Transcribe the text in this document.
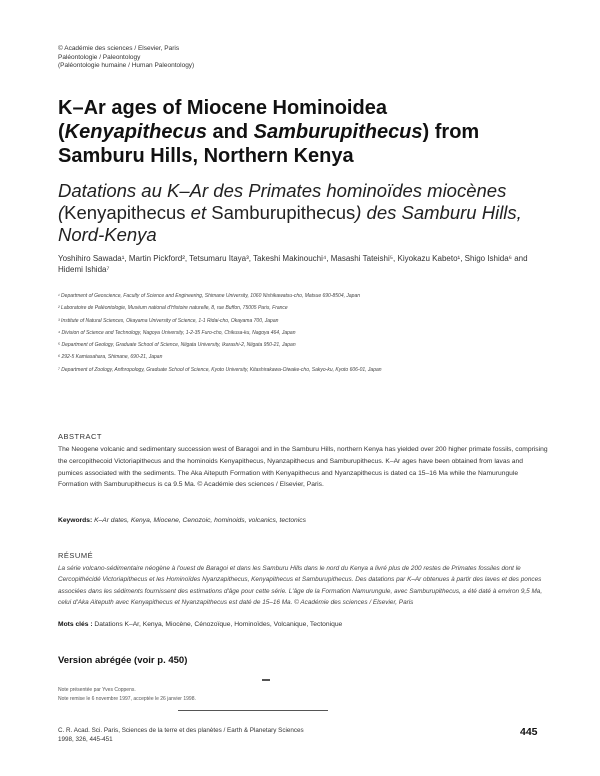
© Académie des sciences / Elsevier, Paris
Paléontologie / Paleontology
(Paléontologie humaine / Human Paleontology)
K–Ar ages of Miocene Hominoidea (Kenyapithecus and Samburupithecus) from Samburu Hills, Northern Kenya
Datations au K–Ar des Primates hominoïdes miocènes (Kenyapithecus et Samburupithecus) des Samburu Hills, Nord-Kenya
Yoshihiro Sawada¹, Martin Pickford², Tetsumaru Itaya³, Takeshi Makinouchi⁴, Masashi Tateishi⁵, Kiyokazu Kabeto¹, Shigo Ishida⁶ and Hidemi Ishida⁷
¹ Department of Geoscience, Faculty of Science and Engineering, Shimane University, 1060 Nishikawatsu-cho, Matsue 690-8504, Japan
² Laboratoire de Paléontologie, Muséum national d'Histoire naturelle, 8, rue Buffon, 75005 Paris, France
³ Institute of Natural Sciences, Okayama University of Science, 1-1 Ridai-cho, Okayama 700, Japan
⁴ Division of Science and Technology, Nagoya University, 1-2-35 Furo-cho, Chikusa-ku, Nagoya 464, Japan
⁵ Department of Geology, Graduate School of Science, Niigata University, Ikarashi-2, Niigata 950-21, Japan
⁶ 292-5 Kamiasahara, Shimane, 690-21, Japan
⁷ Department of Zoology, Anthropology, Graduate School of Science, Kyoto University, Kitashirakawa-Oiwake-cho, Sakyo-ku, Kyoto 606-01, Japan
ABSTRACT
The Neogene volcanic and sedimentary succession west of Baragoi and in the Samburu Hills, northern Kenya has yielded over 200 higher primate fossils, comprising the cercopithecoid Victoriapithecus and the hominoids Kenyapithecus, Nyanzapithecus and Samburupithecus. K–Ar ages have been obtained from lavas and pumices associated with the sediments. The Aka Aiteputh Formation with Kenyapithecus and Nyanzapithecus is dated ca 15–16 Ma while the Namurungule Formation with Samburupithecus is ca 9.5 Ma. © Académie des sciences / Elsevier, Paris.
Keywords: K–Ar dates, Kenya, Miocene, Cenozoic, hominoids, volcanics, tectonics
RÉSUMÉ
La série volcano-sédimentaire néogène à l'ouest de Baragoi et dans les Samburu Hills dans le nord du Kenya a livré plus de 200 restes de Primates fossiles dont le Cercopithécidé Victoriapithecus et les Hominoïdes Nyanzapithecus, Kenyapithecus et Samburupithecus. Des datations par K–Ar obtenues à partir des laves et des ponces associées dans les sédiments fournissent des estimations d'âge pour cette série. L'âge de la Formation Namurungule, avec Samburupithecus, a été daté à environ 9,5 Ma, celui d'Aka Aiteputh avec Kenyapithecus et Nyanzapithecus est daté de 15–16 Ma. © Académie des sciences / Elsevier, Paris
Mots clés : Datations K–Ar, Kenya, Miocène, Cénozoïque, Hominoïdes, Volcanique, Tectonique
Version abrégée (voir p. 450)
Note présentée par Yves Coppens.
Note remise le 6 novembre 1997, acceptée le 26 janvier 1998.
C. R. Acad. Sci. Paris, Sciences de la terre et des planètes / Earth & Planetary Sciences
1998, 326, 445-451
445
